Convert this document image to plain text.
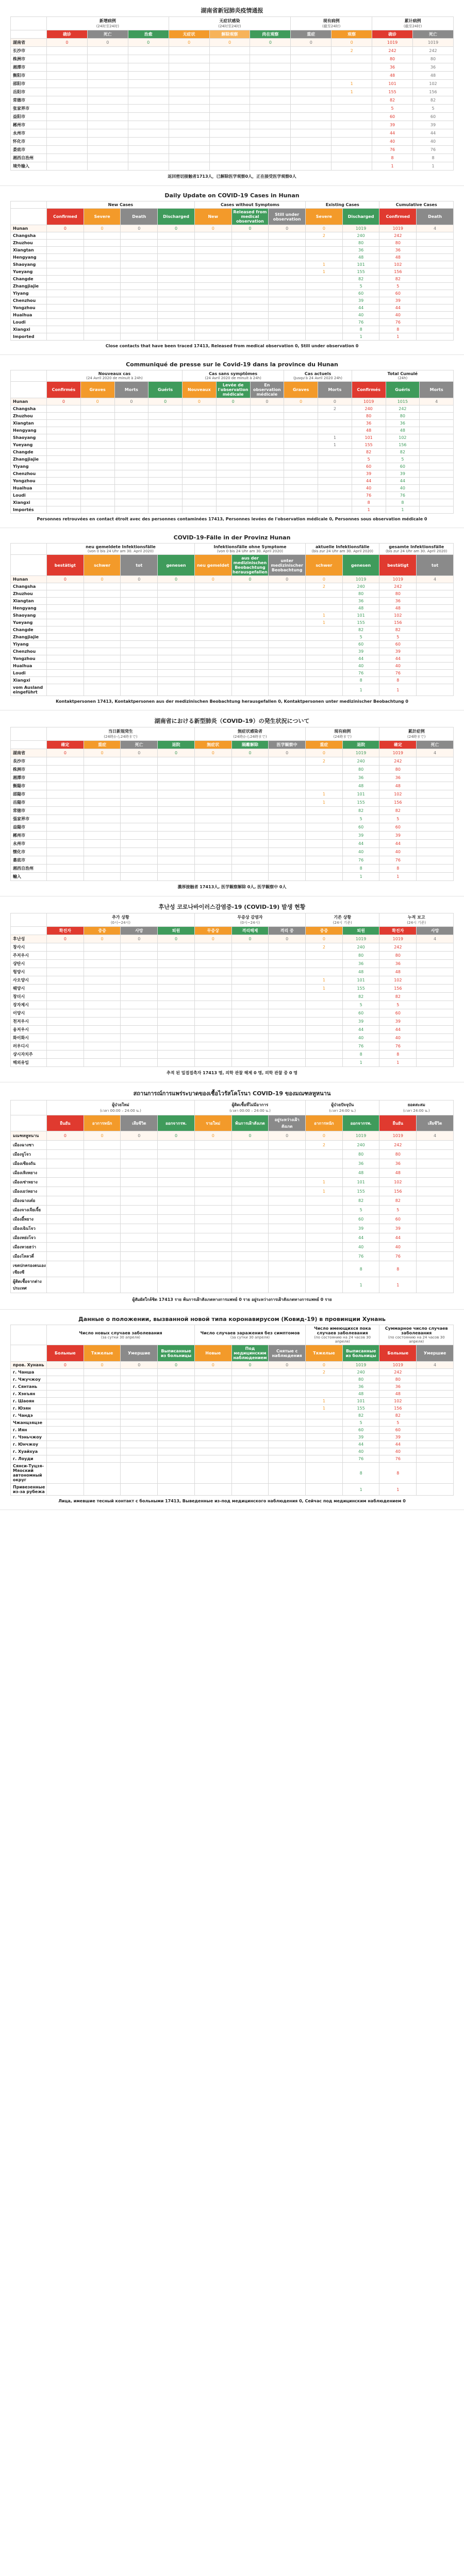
湖南省新冠肺炎疫情通报
	新增病例
(24时至24时)			无症状感染
(24时至24时)			现有病例
(截至24时)		累计病例
(截至24时)	

	确诊	死亡	治愈	无症状	解除观察	尚在观察	重症	观察	确诊	死亡
湖南省	0	0	0	0	0	0	0	0	1019	1019
长沙市								2	242	242
株洲市									80	80
湘潭市									36	36
衡阳市									48	48
邵阳市								1	101	102
岳阳市								1	155	156
常德市									82	82
张家界市									5	5
益阳市									60	60
郴州市									39	39
永州市									44	44
怀化市									40	40
娄底市									76	76
湘西自治州									8	8
境外输入									1	1
返回密切接触者1713人，已解除医学观察0人，正在接受医学观察0人
Daily Update on COVID-19 Cases in Hunan
	New Cases				Cases without Symptoms			Existing Cases		Cumulative Cases	

	Confirmed	Severe	Death	Discharged	New	Released from medical observation	Still under observation	Severe	Discharged	Confirmed	Death
Hunan	0	0	0	0	0	0	0	0	1019	1019	4
Changsha								2	240	242	
Zhuzhou									80	80	
Xiangtan									36	36	
Hengyang									48	48	
Shaoyang								1	101	102	
Yueyang								1	155	156	
Changde									82	82	
Zhangjiajie									5	5	
Yiyang									60	60	
Chenzhou									39	39	
Yongzhou									44	44	
Huaihua									40	40	
Loudi									76	76	
Xiangxi									8	8	
Imported									1	1	
Close contacts that have been traced 17413, Released from medical observation 0, Still under observation 0
Communiqué de presse sur le Covid-19 dans la province du Hunan
	Nouveaux cas
(24 Avril 2020 de minuit à 24h)				Cas sans symptômes
(24 Avril 2020 de minuit à 24h)			Cas actuels
(Jusqu'à 24 Avril 2020 24h)		Total Cumulé
(24h)		

	Confirmés	Graves	Morts	Guéris	Nouveaux	Levée de l'observation médicale	En observation médicale	Graves	Morts	Confirmés	Guéris	Morts
Hunan	0	0	0	0	0	0	0	0	0	1019	1015	4
Changsha									2	240	242	
Zhuzhou										80	80	
Xiangtan										36	36	
Hengyang										48	48	
Shaoyang									1	101	102	
Yueyang									1	155	156	
Changde										82	82	
Zhangjiajie										5	5	
Yiyang										60	60	
Chenzhou										39	39	
Yongzhou										44	44	
Huaihua										40	40	
Loudi										76	76	
Xiangxi										8	8	
Importés										1	1	
Personnes retrouvées en contact étroit avec des personnes contaminées 17413, Personnes levées de l'observation médicale 0, Personnes sous observation médicale 0
COVID-19-Fälle in der Provinz Hunan
	neu gemeldete Infektionsfälle
(von 0 bis 24 Uhr am 30. April 2020)				Infektionsfälle ohne Symptome
(von 0 bis 24 Uhr am 30. April 2020)			aktuelle Infektionsfälle
(bis zur 24 Uhr am 30. April 2020)		gesamte Infektionsfälle
(bis zur 24 Uhr am 30. April 2020)	

	bestätigt	schwer	tot	genesen	neu gemeldet	aus der medizinischen Beobachtung herausgefallen	unter medizinischer Beobachtung	schwer	genesen	bestätigt	tot
Hunan	0	0	0	0	0	0	0	0	1019	1019	4
Changsha								2	240	242	
Zhuzhou									80	80	
Xiangtan									36	36	
Hengyang									48	48	
Shaoyang								1	101	102	
Yueyang								1	155	156	
Changde									82	82	
Zhangjiajie									5	5	
Yiyang									60	60	
Chenzhou									39	39	
Yongzhou									44	44	
Huaihua									40	40	
Loudi									76	76	
Xiangxi									8	8	
vom Ausland eingeführt									1	1	
Kontaktpersonen 17413, Kontaktpersonen aus der medizinischen Beobachtung herausgefallen 0, Kontaktpersonen unter medizinischer Beobachtung 0
湖南省における新型肺炎（COVID-19）の発生状況について
	当日新規発生
(24時から24時まで)				無症状感染者
(24時から24時まで)			現有病例
(24時まで)		累計症例
(24時まで)	

	確定	重症	死亡	退院	無症状	隔離解除	医学観察中	重症	退院	確定	死亡
湖南省	0	0	0	0	0	0	0	0	1019	1019	4
長沙市								2	240	242	
株洲市									80	80	
湘潭市									36	36	
衡陽市									48	48	
邵陽市								1	101	102	
岳陽市								1	155	156	
常徳市									82	82	
張家界市									5	5	
益陽市									60	60	
郴州市									39	39	
永州市									44	44	
懐化市									40	40	
婁底市									76	76	
湘西自治州									8	8	
輸入									1	1	
濃厚接触者 17413人, 医学観察解除 0人, 医学観察中 0人
후난성 코로나바이러스감염증-19 (COVID-19) 발생 현황
	추가 상황
(0시~24시)				무증상 감염자
(0시~24시)			기존 상황
(24시 기준)		누적 보고
(24시 기준)	

	확진자	중증	사망	퇴원	무증상	격리해제	격리 중	중증	퇴원	확진자	사망
후난성	0	0	0	0	0	0	0	0	1019	1019	4
창사시								2	240	242	
주저우시									80	80	
샹탄시									36	36	
헝양시									48	48	
사오양시								1	101	102	
웨양시								1	155	156	
창더시									82	82	
장자제시									5	5	
이양시									60	60	
천저우시									39	39	
융저우시									44	44	
화이화시									40	40	
러우디시									76	76	
샹시자치주									8	8	
해외유입									1	1	
추적 된 밀접접촉자 17413 명, 의학 관찰 해제 0 명, 의학 관찰 중 0 명
สถานการณ์การแพร่ระบาดของเชื้อไวรัสโคโรนา COVID-19 ของมณฑลหูหนาน
	ผู้ป่วยใหม่
(เวลา 00:00 – 24:00 น.)				ผู้ติดเชื้อที่ไม่มีอาการ
(เวลา 00:00 – 24:00 น.)			ผู้ป่วยปัจจุบัน
(เวลา 24:00 น.)		ยอดสะสม
(เวลา 24:00 น.)	

	ยืนยัน	อาการหนัก	เสียชีวิต	ออกจากรพ.	รายใหม่	พ้นการเฝ้าสังเกต	อยู่ระหว่างเฝ้าสังเกต	อาการหนัก	ออกจากรพ.	ยืนยัน	เสียชีวิต
มณฑลหูหนาน	0	0	0	0	0	0	0	0	1019	1019	4
เมืองฉางซา								2	240	242	
เมืองจูโจว									80	80	
เมืองเซียงถัน									36	36	
เมืองเหิงหยาง									48	48	
เมืองเซ่าหยาง								1	101	102	
เมืองเยว่หยาง								1	155	156	
เมืองฉางเต๋อ									82	82	
เมืองจางเจียเจี้ย									5	5	
เมืองอี้หยาง									60	60	
เมืองเฉินโจว									39	39	
เมืองหย่งโจว									44	44	
เมืองหวยฮว่า									40	40	
เมืองโหลวตี่									76	76	
เขตปกครองตนเองเซียงซี									8	8	
ผู้ติดเชื้อจากต่างประเทศ									1	1	
ผู้สัมผัสใกล้ชิด 17413 ราย พ้นการเฝ้าสังเกตทางการแพทย์ 0 ราย อยู่ระหว่างการเฝ้าสังเกตทางการแพทย์ 0 ราย
Данные о положении, вызванной новой типа коронавирусом (Ковид-19) в провинции Хунань
	Число новых случаев заболевания
(за сутки 30 апреля)				Число случаев заражения без симптомов
(за сутки 30 апреля)			Число имеющихся пока случаев заболевания
(по состоянию на 24 часов 30 апреля)		Суммарное число случаев заболевания
(по состоянию на 24 часов 30 апреля)	

	Больные	Тяжелые	Умершие	Выписанные из больницы	Новые	Под медицинским наблюдением	Снятые с наблюдения	Тяжелые	Выписанные из больницы	Больные	Умершие
пров. Хунань	0	0	0	0	0	0	0	0	1019	1019	4
г. Чанша								2	240	242	
г. Чжучжоу									80	80	
г. Сянтань									36	36	
г. Хэнъян									48	48	
г. Шаоян								1	101	102	
г. Юэян								1	155	156	
г. Чандэ									82	82	
Чжанцзяцзе									5	5	
г. Иян									60	60	
г. Чэньчжоу									39	39	
г. Юнчжоу									44	44	
г. Хуайхуа									40	40	
г. Лоуди									76	76	
Сянси-Туцзя-Мяоский автономный округ									8	8	
Привезенные из-за рубежа									1	1	
Лица, имевшие тесный контакт с больными 17413, Выведенные из-под медицинского наблюдения 0, Сейчас под медицинским наблюдением 0
